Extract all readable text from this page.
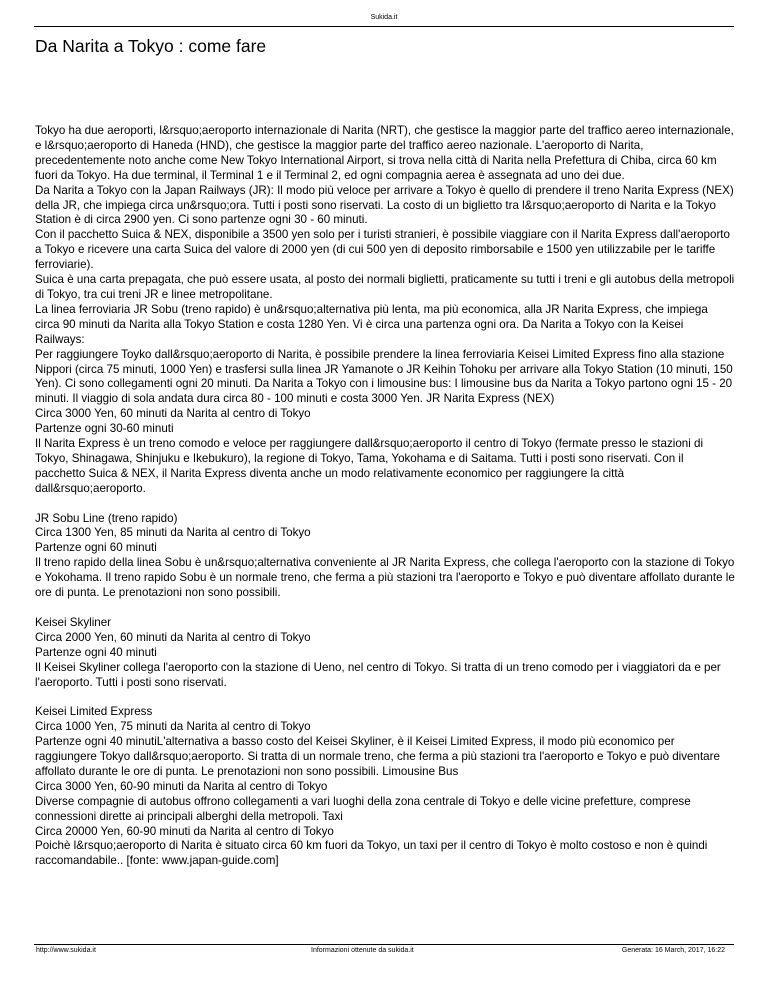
Sukida.it
Da Narita a Tokyo : come fare

Tokyo ha due aeroporti, l&rsquo;aeroporto internazionale di Narita (NRT), che gestisce la maggior parte del traffico aereo internazionale, e l&rsquo;aeroporto di Haneda (HND), che gestisce la maggior parte del traffico aereo nazionale. L'aeroporto di Narita, precedentemente noto anche come New Tokyo International Airport, si trova nella città di Narita nella Prefettura di Chiba, circa 60 km fuori da Tokyo. Ha due terminal, il Terminal 1 e il Terminal 2, ed ogni compagnia aerea è assegnata ad uno dei due.
Da Narita a Tokyo con la Japan Railways (JR): Il modo più veloce per arrivare a Tokyo è quello di prendere il treno Narita Express (NEX) della JR, che impiega circa un&rsquo;ora. Tutti i posti sono riservati. La costo di un biglietto tra l&rsquo;aeroporto di Narita e la Tokyo Station è di circa 2900 yen. Ci sono partenze ogni 30 - 60 minuti.
Con il pacchetto Suica & NEX, disponibile a 3500 yen solo per i turisti stranieri, è possibile viaggiare con il Narita Express dall'aeroporto a Tokyo e ricevere una carta Suica del valore di 2000 yen (di cui 500 yen di deposito rimborsabile e 1500 yen utilizzabile per le tariffe ferroviarie).
Suica è una carta prepagata, che può essere usata, al posto dei normali biglietti, praticamente su tutti i treni e gli autobus della metropoli di Tokyo, tra cui treni JR e linee metropolitane.
La linea ferroviaria JR Sobu (treno rapido) è un&rsquo;alternativa più lenta, ma più economica, alla JR Narita Express, che impiega circa 90 minuti da Narita alla Tokyo Station e costa 1280 Yen. Vi è circa una partenza ogni ora. Da Narita a Tokyo con la Keisei Railways:
Per raggiungere Toyko dall&rsquo;aeroporto di Narita, è possibile prendere la linea ferroviaria Keisei Limited Express fino alla stazione Nippori (circa 75 minuti, 1000 Yen) e trasfersi sulla linea JR Yamanote o JR Keihin Tohoku per arrivare alla Tokyo Station (10 minuti, 150 Yen). Ci sono collegamenti ogni 20 minuti. Da Narita a Tokyo con i limousine bus: I limousine bus da Narita a Tokyo partono ogni 15 - 20 minuti. Il viaggio di sola andata dura circa 80 - 100 minuti e costa 3000 Yen. JR Narita Express (NEX)
Circa 3000 Yen, 60 minuti da Narita al centro di Tokyo
Partenze ogni 30-60 minuti
Il Narita Express è un treno comodo e veloce per raggiungere dall&rsquo;aeroporto il centro di Tokyo (fermate presso le stazioni di Tokyo, Shinagawa, Shinjuku e Ikebukuro), la regione di Tokyo, Tama, Yokohama e di Saitama. Tutti i posti sono riservati. Con il pacchetto Suica & NEX, il Narita Express diventa anche un modo relativamente economico per raggiungere la città dall&rsquo;aeroporto.

JR Sobu Line (treno rapido)
Circa 1300 Yen, 85 minuti da Narita al centro di Tokyo
Partenze ogni 60 minuti
Il treno rapido della linea Sobu è un&rsquo;alternativa conveniente al JR Narita Express, che collega l'aeroporto con la stazione di Tokyo e Yokohama. Il treno rapido Sobu è un normale treno, che ferma a più stazioni tra l'aeroporto e Tokyo e può diventare affollato durante le ore di punta. Le prenotazioni non sono possibili.

Keisei Skyliner
Circa 2000 Yen, 60 minuti da Narita al centro di Tokyo
Partenze ogni 40 minuti
Il Keisei Skyliner collega l'aeroporto con la stazione di Ueno, nel centro di Tokyo. Si tratta di un treno comodo per i viaggiatori da e per l'aeroporto. Tutti i posti sono riservati.

Keisei Limited Express
Circa 1000 Yen, 75 minuti da Narita al centro di Tokyo
Partenze ogni 40 minutiL'alternativa a basso costo del Keisei Skyliner, è il Keisei Limited Express, il modo più economico per raggiungere Tokyo dall&rsquo;aeroporto. Si tratta di un normale treno, che ferma a più stazioni tra l'aeroporto e Tokyo e può diventare affollato durante le ore di punta. Le prenotazioni non sono possibili. Limousine Bus
Circa 3000 Yen, 60-90 minuti da Narita al centro di Tokyo
Diverse compagnie di autobus offrono collegamenti a vari luoghi della zona centrale di Tokyo e delle vicine prefetture, comprese connessioni dirette ai principali alberghi della metropoli. Taxi
Circa 20000 Yen, 60-90 minuti da Narita al centro di Tokyo
Poichè l&rsquo;aeroporto di Narita è situato circa 60 km fuori da Tokyo, un taxi per il centro di Tokyo è molto costoso e non è quindi raccomandabile.. [fonte: www.japan-guide.com]

http://www.sukida.it	Informazioni ottenute da sukida.it	Generata: 16 March, 2017, 16:22
